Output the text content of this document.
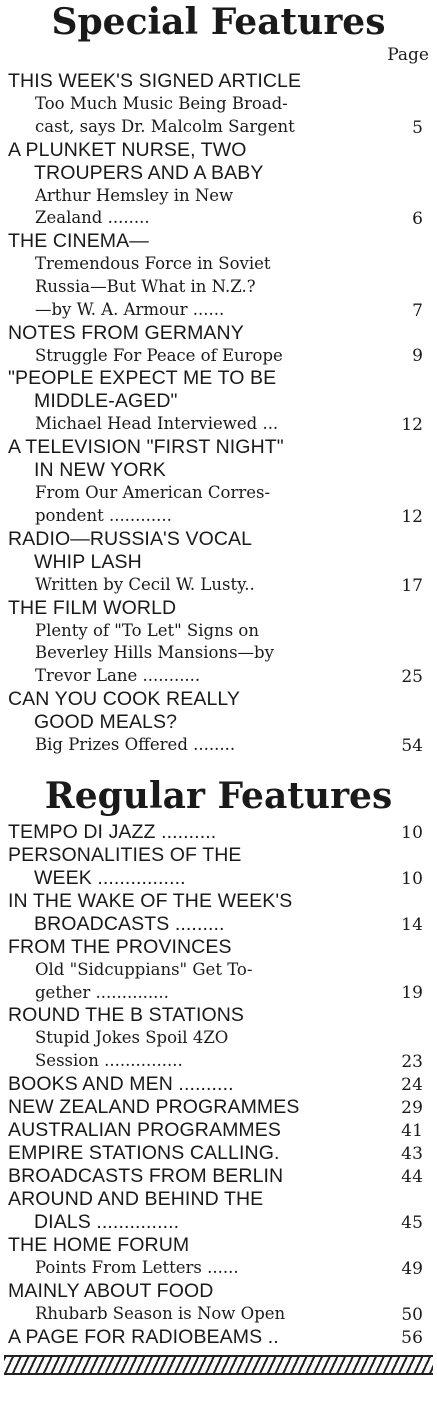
Special Features
Page
THIS WEEK'S SIGNED ARTICLE
Too Much Music Being Broad-
cast, says Dr. Malcolm Sargent	5
A PLUNKET NURSE, TWO
TROUPERS AND A BABY
Arthur Hemsley in New
Zealand ........	6
THE CINEMA—
Tremendous Force in Soviet
Russia—But What in N.Z.?
—by W. A. Armour ......	7
NOTES FROM GERMANY
Struggle For Peace of Europe	9
"PEOPLE EXPECT ME TO BE
MIDDLE-AGED"
Michael Head Interviewed ...	12
A TELEVISION "FIRST NIGHT"
IN NEW YORK
From Our American Corres-
pondent ............	12
RADIO—RUSSIA'S VOCAL
WHIP LASH
Written by Cecil W. Lusty..	17
THE FILM WORLD
Plenty of "To Let" Signs on
Beverley Hills Mansions—by
Trevor Lane ...........	25
CAN YOU COOK REALLY
GOOD MEALS?
Big Prizes Offered ........	54
Regular Features
TEMPO DI JAZZ ..........	10
PERSONALITIES OF THE
WEEK ................	10
IN THE WAKE OF THE WEEK'S
BROADCASTS .........	14
FROM THE PROVINCES
Old "Sidcuppians" Get To-
gether ..............	19
ROUND THE B STATIONS
Stupid Jokes Spoil 4ZO
Session ...............	23
BOOKS AND MEN ..........	24
NEW ZEALAND PROGRAMMES	29
AUSTRALIAN PROGRAMMES	41
EMPIRE STATIONS CALLING.	43
BROADCASTS FROM BERLIN	44
AROUND AND BEHIND THE
DIALS ...............	45
THE HOME FORUM
Points From Letters ......	49
MAINLY ABOUT FOOD
Rhubarb Season is Now Open	50
A PAGE FOR RADIOBEAMS ..	56
